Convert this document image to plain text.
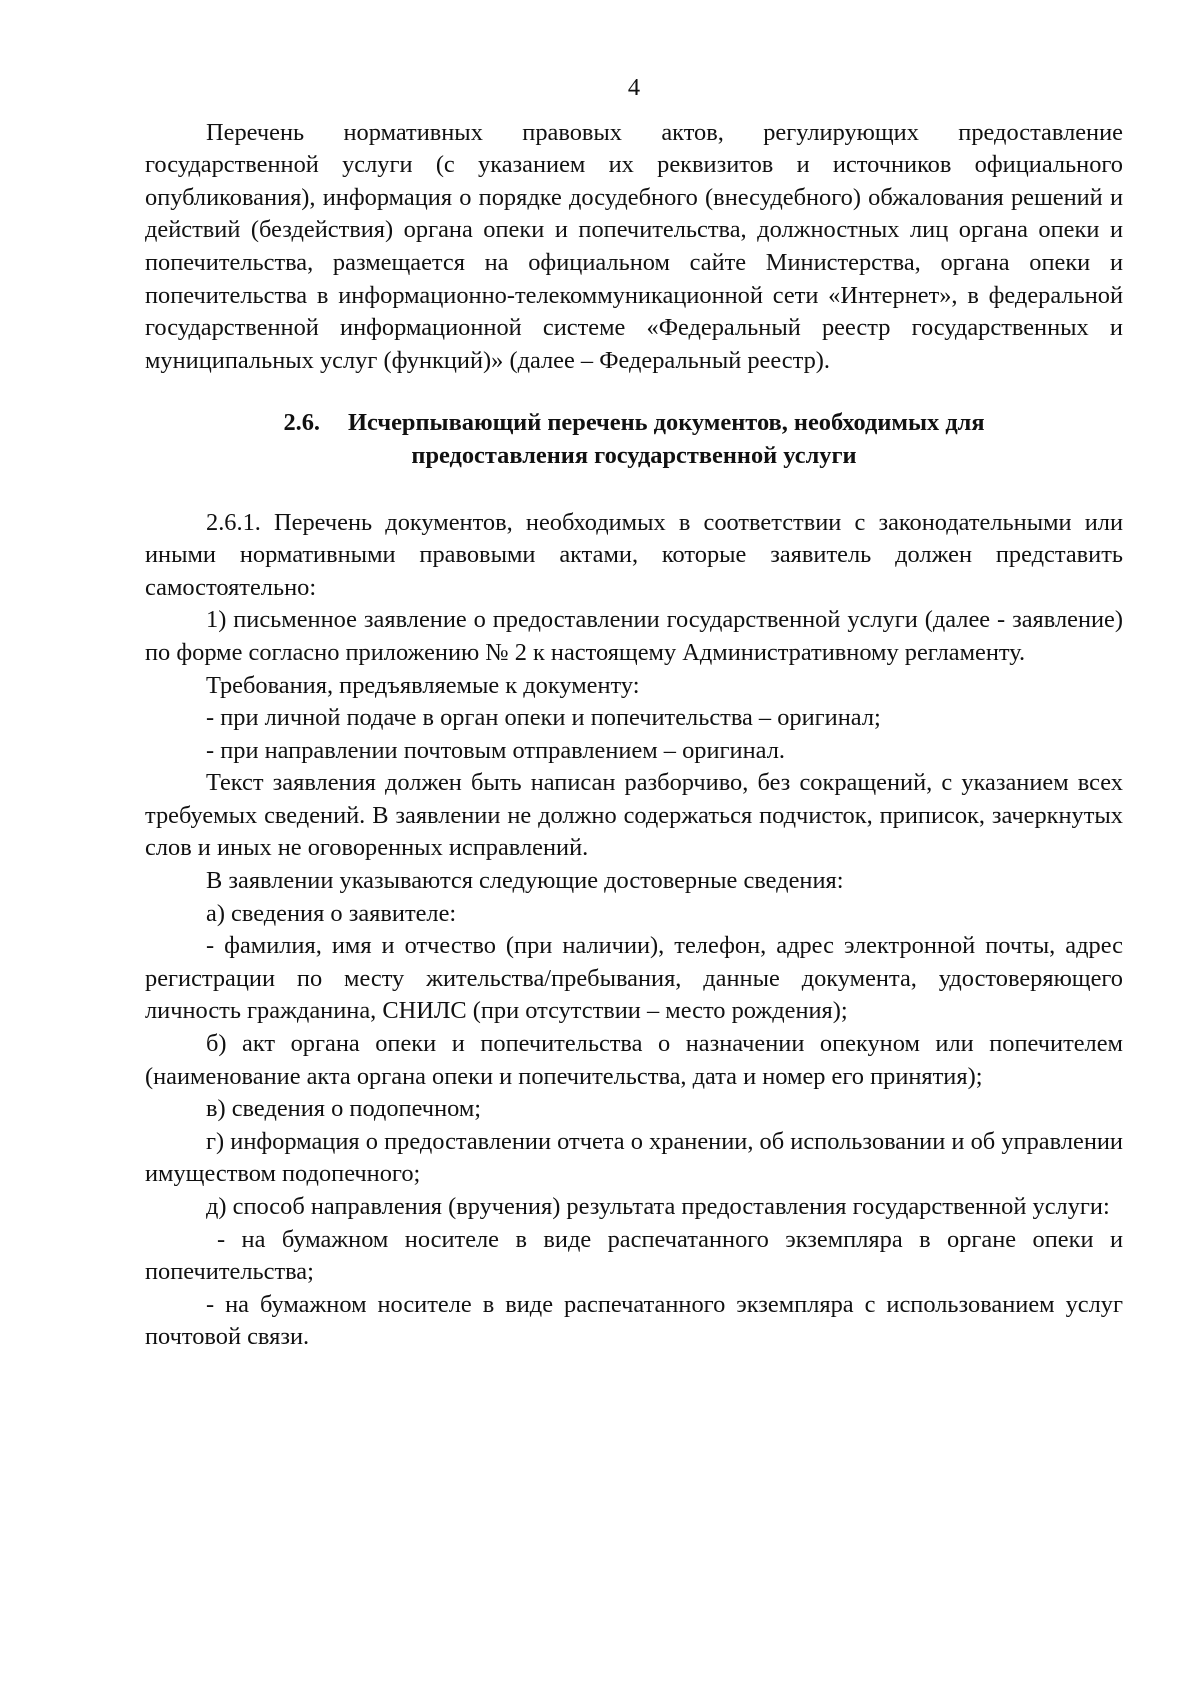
4

Перечень нормативных правовых актов, регулирующих предоставление государственной услуги (с указанием их реквизитов и источников официального опубликования), информация о порядке досудебного (внесудебного) обжалования решений и действий (бездействия) органа опеки и попечительства, должностных лиц органа опеки и попечительства, размещается на официальном сайте Министерства, органа опеки и попечительства в информационно-телекоммуникационной сети «Интернет», в федеральной государственной информационной системе «Федеральный реестр государственных и муниципальных услуг (функций)» (далее – Федеральный реестр).

2.6. Исчерпывающий перечень документов, необходимых для
предоставления государственной услуги

2.6.1. Перечень документов, необходимых в соответствии с законодательными или иными нормативными правовыми актами, которые заявитель должен представить самостоятельно:

1) письменное заявление о предоставлении государственной услуги (далее - заявление) по форме согласно приложению № 2 к настоящему Административному регламенту.

Требования, предъявляемые к документу:

- при личной подаче в орган опеки и попечительства – оригинал;

- при направлении почтовым отправлением – оригинал.

Текст заявления должен быть написан разборчиво, без сокращений, с указанием всех требуемых сведений. В заявлении не должно содержаться подчисток, приписок, зачеркнутых слов и иных не оговоренных исправлений.

В заявлении указываются следующие достоверные сведения:

а) сведения о заявителе:

- фамилия, имя и отчество (при наличии), телефон, адрес электронной почты, адрес регистрации по месту жительства/пребывания, данные документа, удостоверяющего личность гражданина, СНИЛС (при отсутствии – место рождения);

б) акт органа опеки и попечительства о назначении опекуном или попечителем (наименование акта органа опеки и попечительства, дата и номер его принятия);

в) сведения о подопечном;

г) информация о предоставлении отчета о хранении, об использовании и об управлении имуществом подопечного;

д) способ направления (вручения) результата предоставления государственной услуги:

- на бумажном носителе в виде распечатанного экземпляра в органе опеки и попечительства;

- на бумажном носителе в виде распечатанного экземпляра с использованием услуг почтовой связи.
